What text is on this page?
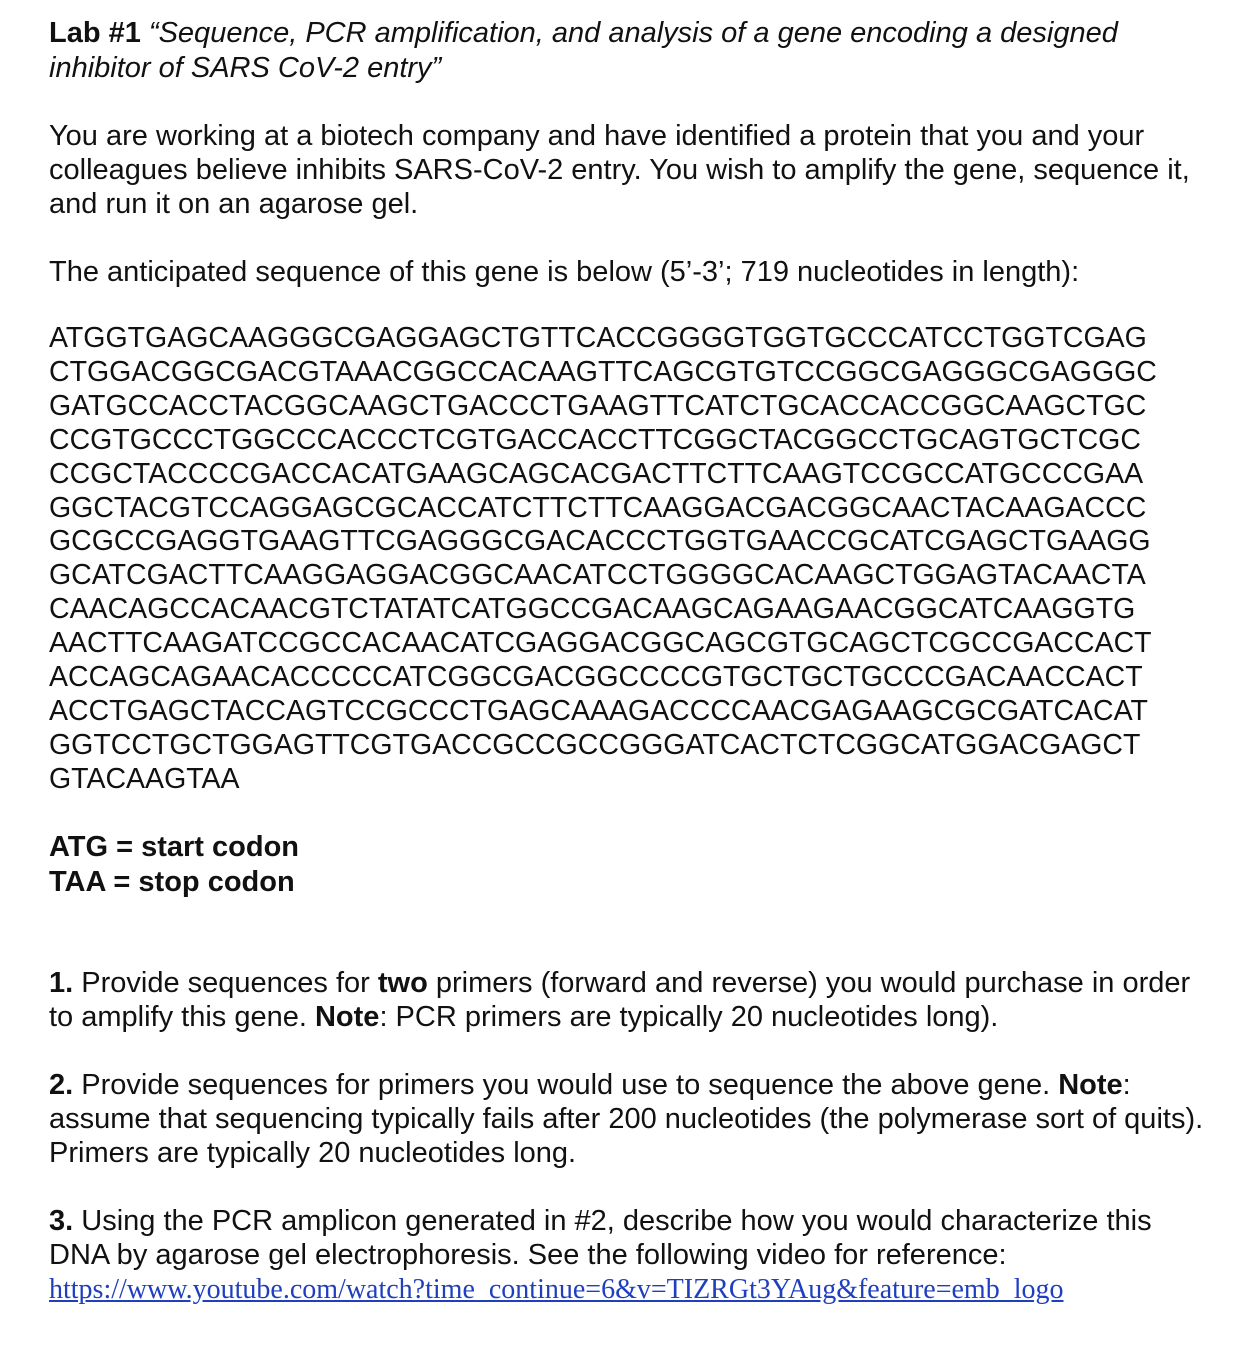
Lab #1 “Sequence, PCR amplification, and analysis of a gene encoding a designed inhibitor of SARS CoV-2 entry”

You are working at a biotech company and have identified a protein that you and your colleagues believe inhibits SARS-CoV-2 entry. You wish to amplify the gene, sequence it, and run it on an agarose gel.

The anticipated sequence of this gene is below (5’-3’; 719 nucleotides in length):

ATGGTGAGCAAGGGCGAGGAGCTGTTCACCGGGGTGGTGCCCATCCTGGTCGAG
CTGGACGGCGACGTAAACGGCCACAAGTTCAGCGTGTCCGGCGAGGGCGAGGGC
GATGCCACCTACGGCAAGCTGACCCTGAAGTTCATCTGCACCACCGGCAAGCTGC
CCGTGCCCTGGCCCACCCTCGTGACCACCTTCGGCTACGGCCTGCAGTGCTCGC
CCGCTACCCCGACCACATGAAGCAGCACGACTTCTTCAAGTCCGCCATGCCCGAA
GGCTACGTCCAGGAGCGCACCATCTTCTTCAAGGACGACGGCAACTACAAGACCC
GCGCCGAGGTGAAGTTCGAGGGCGACACCCTGGTGAACCGCATCGAGCTGAAGG
GCATCGACTTCAAGGAGGACGGCAACATCCTGGGGCACAAGCTGGAGTACAACTA
CAACAGCCACAACGTCTATATCATGGCCGACAAGCAGAAGAACGGCATCAAGGTG
AACTTCAAGATCCGCCACAACATCGAGGACGGCAGCGTGCAGCTCGCCGACCACT
ACCAGCAGAACACCCCCATCGGCGACGGCCCCGTGCTGCTGCCCGACAACCACT
ACCTGAGCTACCAGTCCGCCCTGAGCAAAGACCCCAACGAGAAGCGCGATCACAT
GGTCCTGCTGGAGTTCGTGACCGCCGCCGGGATCACTCTCGGCATGGACGAGCT
GTACAAGTAA
ATG = start codon
TAA = stop codon

1. Provide sequences for two primers (forward and reverse) you would purchase in order to amplify this gene. Note: PCR primers are typically 20 nucleotides long).

2. Provide sequences for primers you would use to sequence the above gene. Note: assume that sequencing typically fails after 200 nucleotides (the polymerase sort of quits). Primers are typically 20 nucleotides long.

3. Using the PCR amplicon generated in #2, describe how you would characterize this DNA by agarose gel electrophoresis. See the following video for reference:
https://www.youtube.com/watch?time_continue=6&v=TIZRGt3YAug&feature=emb_logo
